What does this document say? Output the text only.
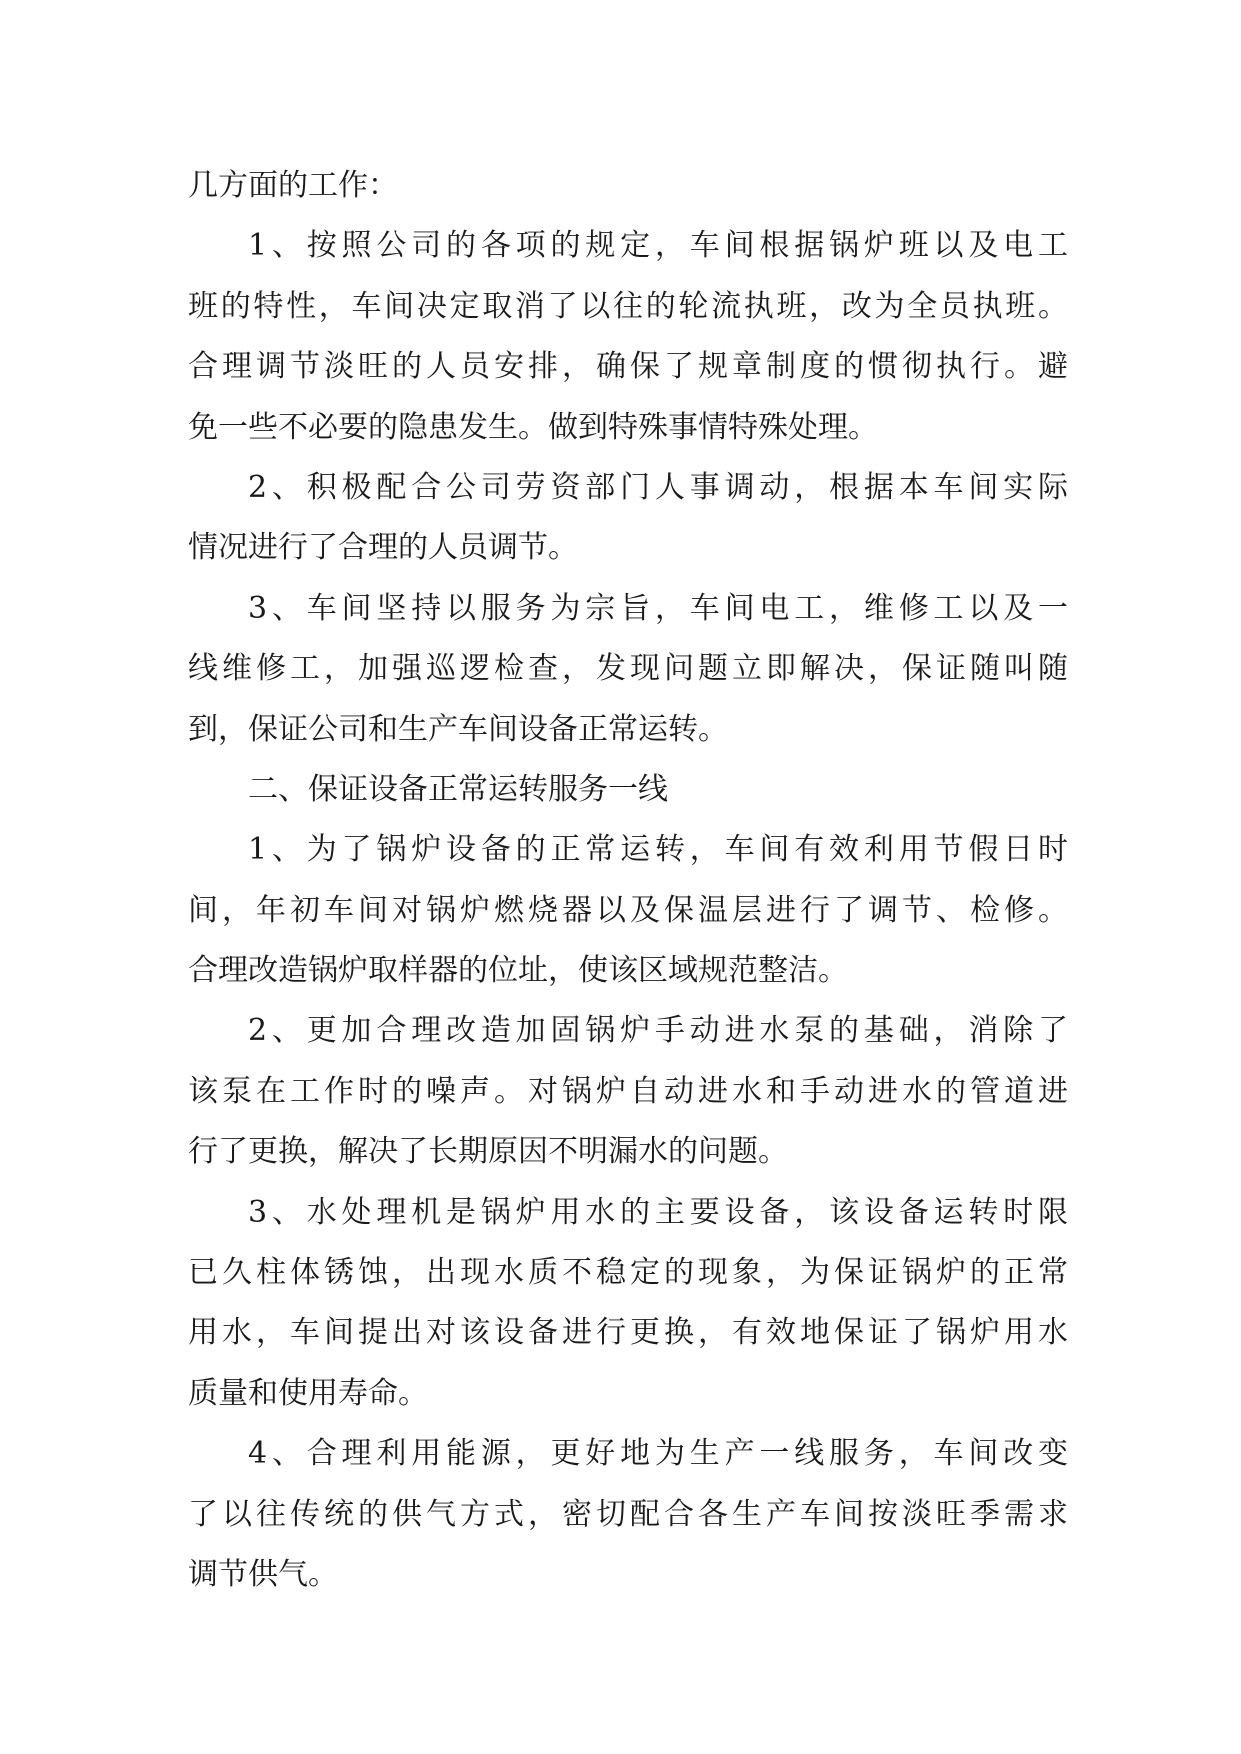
几方面的工作：
1、按照公司的各项的规定，车间根据锅炉班以及电工
班的特性，车间决定取消了以往的轮流执班，改为全员执班。
合理调节淡旺的人员安排，确保了规章制度的惯彻执行。避
免一些不必要的隐患发生。做到特殊事情特殊处理。
2、积极配合公司劳资部门人事调动，根据本车间实际
情况进行了合理的人员调节。
3、车间坚持以服务为宗旨，车间电工，维修工以及一
线维修工，加强巡逻检查，发现问题立即解决，保证随叫随
到，保证公司和生产车间设备正常运转。
二、保证设备正常运转服务一线
1、为了锅炉设备的正常运转，车间有效利用节假日时
间，年初车间对锅炉燃烧器以及保温层进行了调节、检修。
合理改造锅炉取样器的位址，使该区域规范整洁。
2、更加合理改造加固锅炉手动进水泵的基础，消除了
该泵在工作时的噪声。对锅炉自动进水和手动进水的管道进
行了更换，解决了长期原因不明漏水的问题。
3、水处理机是锅炉用水的主要设备，该设备运转时限
已久柱体锈蚀，出现水质不稳定的现象，为保证锅炉的正常
用水，车间提出对该设备进行更换，有效地保证了锅炉用水
质量和使用寿命。
4、合理利用能源，更好地为生产一线服务，车间改变
了以往传统的供气方式，密切配合各生产车间按淡旺季需求
调节供气。
